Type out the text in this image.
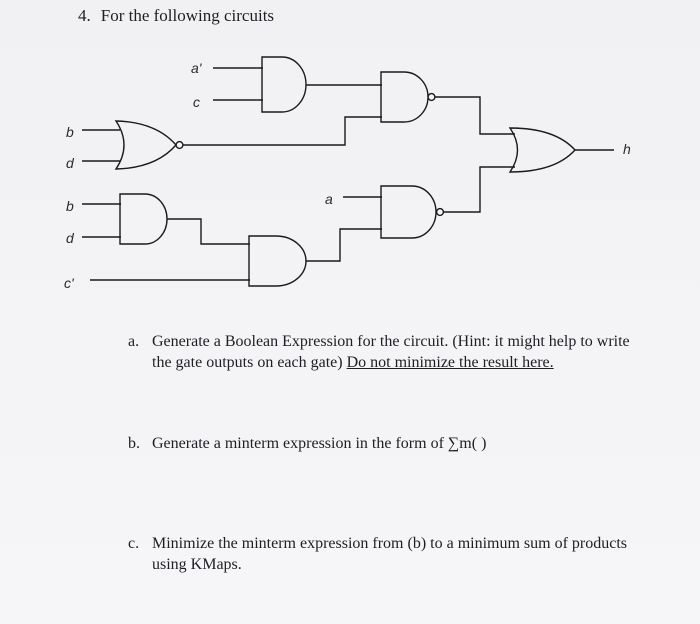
4. For the following circuits
a'
c
b
d
b
d
c'
a
h
a. Generate a Boolean Expression for the circuit. (Hint: it might help to write
the gate outputs on each gate) Do not minimize the result here.
b. Generate a minterm expression in the form of ∑m( )
c. Minimize the minterm expression from (b) to a minimum sum of products
using KMaps.
